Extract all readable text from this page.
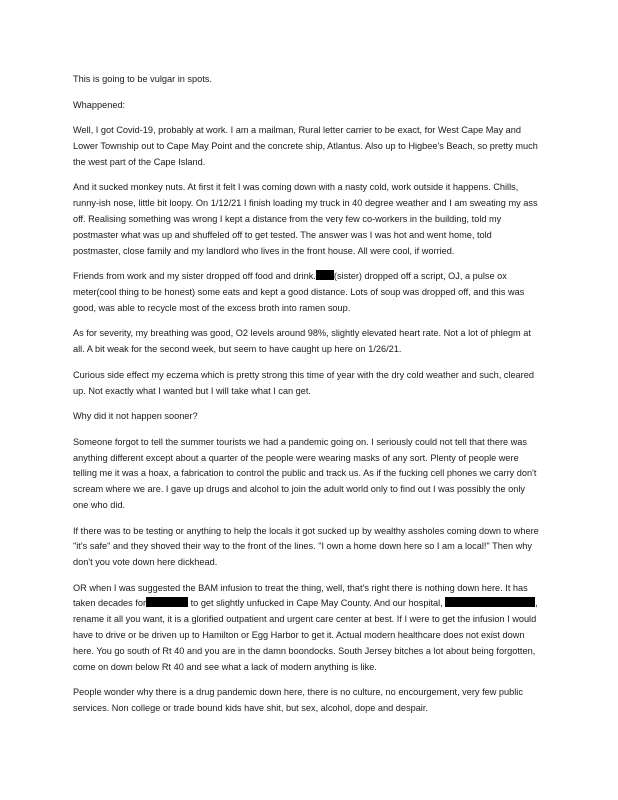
This is going to be vulgar in spots.

Whappened:

Well, I got Covid-19, probably at work. I am a mailman, Rural letter carrier to be exact, for West Cape May and Lower Township out to Cape May Point and the concrete ship, Atlantus. Also up to Higbee's Beach, so pretty much the west part of the Cape Island.

And it sucked monkey nuts. At first it felt I was coming down with a nasty cold, work outside it happens. Chills, runny-ish nose, little bit loopy. On 1/12/21 I finish loading my truck in 40 degree weather and I am sweating my ass off. Realising something was wrong I kept a distance from the very few co-workers in the building, told my postmaster what was up and shuffeled off to get tested. The answer was I was hot and went home, told postmaster, close family and my landlord who lives in the front house. All were cool, if worried.

Friends from work and my sister dropped off food and drink. (sister) dropped off a script, OJ, a pulse ox meter(cool thing to be honest) some eats and kept a good distance. Lots of soup was dropped off, and this was good, was able to recycle most of the excess broth into ramen soup.

As for severity, my breathing was good, O2 levels around 98%, slightly elevated heart rate. Not a lot of phlegm at all. A bit weak for the second week, but seem to have caught up here on 1/26/21.

Curious side effect my eczema which is pretty strong this time of year with the dry cold weather and such, cleared up. Not exactly what I wanted but I will take what I can get.

Why did it not happen sooner?

Someone forgot to tell the summer tourists we had a pandemic going on. I seriously could not tell that there was anything different except about a quarter of the people were wearing masks of any sort. Plenty of people were telling me it was a hoax, a fabrication to control the public and track us. As if the fucking cell phones we carry don't scream where we are. I gave up drugs and alcohol to join the adult world only to find out I was possibly the only one who did.

If there was to be testing or anything to help the locals it got sucked up by wealthy assholes coming down to where "it's safe" and they shoved their way to the front of the lines. "I own a home down here so I am a local!" Then why don't you vote down here dickhead.

OR when I was suggested the BAM infusion to treat the thing, well, that's right there is nothing down here. It has taken decades for	to get slightly unfucked in Cape May County. And our hospital,	, rename it all you want, it is a glorified outpatient and urgent care center at best. If I were to get the infusion I would have to drive or be driven up to Hamilton or Egg Harbor to get it. Actual modern healthcare does not exist down here. You go south of Rt 40 and you are in the damn boondocks. South Jersey bitches a lot about being forgotten, come on down below Rt 40 and see what a lack of modern anything is like.

People wonder why there is a drug pandemic down here, there is no culture, no encourgement, very few public services. Non college or trade bound kids have shit, but sex, alcohol, dope and despair.
